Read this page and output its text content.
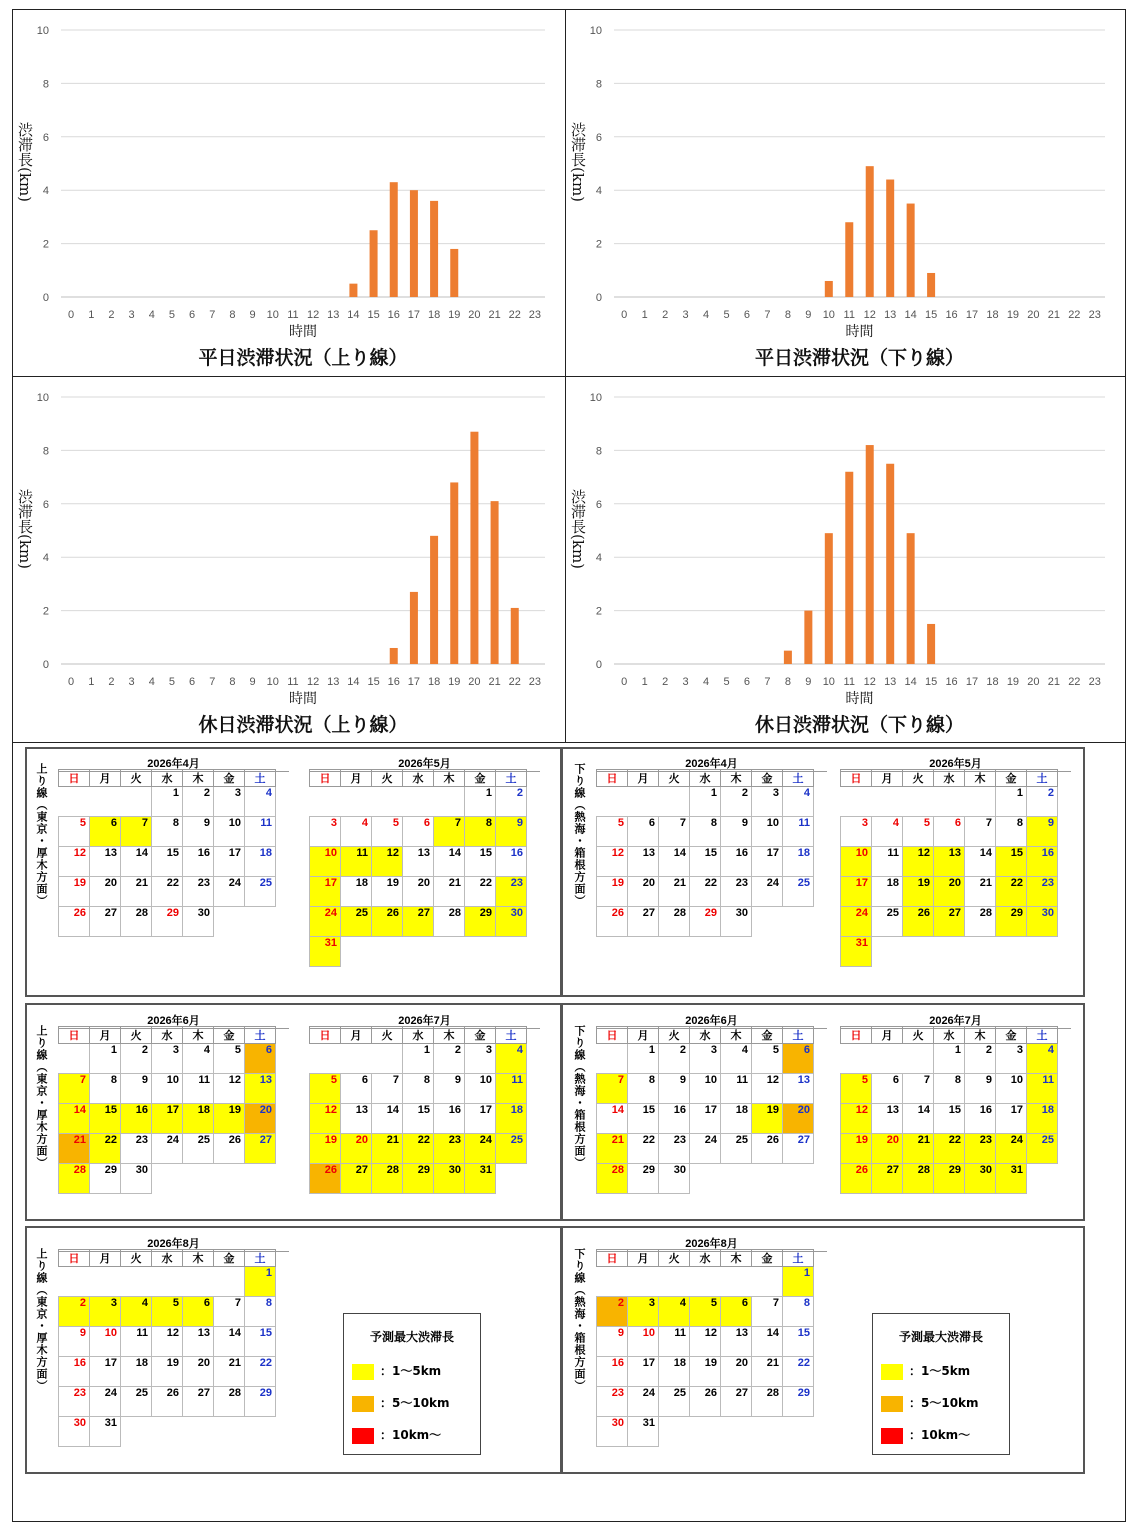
0
2
4
6
8
10
0 1 2 3 4 5 6 7 8 9 10 11 12 13 14 15 16 17 18 19 20 21 22 23
時間
渋滞長(km)
平日渋滞状況（上り線）
0
2
4
6
8
10
0 1 2 3 4 5 6 7 8 9 10 11 12 13 14 15 16 17 18 19 20 21 22 23
時間
渋滞長(km)
平日渋滞状況（下り線）
0
2
4
6
8
10
0 1 2 3 4 5 6 7 8 9 10 11 12 13 14 15 16 17 18 19 20 21 22 23
時間
渋滞長(km)
休日渋滞状況（上り線）
0
2
4
6
8
10
0 1 2 3 4 5 6 7 8 9 10 11 12 13 14 15 16 17 18 19 20 21 22 23
時間
渋滞長(km)
休日渋滞状況（下り線）
上り線（東京・厚木方面）	下り線（熱海・箱根方面）
上り線（東京・厚木方面）	下り線（熱海・箱根方面）
上り線（東京・厚木方面）	下り線（熱海・箱根方面）
予測最大渋滞長
：1～5km
：5～10km
：10km～
予測最大渋滞長
：1～5km
：5～10km
：10km～
2026年4月
日	月	火	水	木	金	土
			1	2	3	4
5	6	7	8	9	10	11
12	13	14	15	16	17	18
19	20	21	22	23	24	25
26	27	28	29	30		
2026年5月
日	月	火	水	木	金	土
					1	2
3	4	5	6	7	8	9
10	11	12	13	14	15	16
17	18	19	20	21	22	23
24	25	26	27	28	29	30
31						
2026年6月
日	月	火	水	木	金	土
	1	2	3	4	5	6
7	8	9	10	11	12	13
14	15	16	17	18	19	20
21	22	23	24	25	26	27
28	29	30				
2026年7月
日	月	火	水	木	金	土
			1	2	3	4
5	6	7	8	9	10	11
12	13	14	15	16	17	18
19	20	21	22	23	24	25
26	27	28	29	30	31	
2026年8月
日	月	火	水	木	金	土
						1
2	3	4	5	6	7	8
9	10	11	12	13	14	15
16	17	18	19	20	21	22
23	24	25	26	27	28	29
30	31					
2026年4月
日	月	火	水	木	金	土
			1	2	3	4
5	6	7	8	9	10	11
12	13	14	15	16	17	18
19	20	21	22	23	24	25
26	27	28	29	30		
2026年5月
日	月	火	水	木	金	土
					1	2
3	4	5	6	7	8	9
10	11	12	13	14	15	16
17	18	19	20	21	22	23
24	25	26	27	28	29	30
31						
2026年6月
日	月	火	水	木	金	土
	1	2	3	4	5	6
7	8	9	10	11	12	13
14	15	16	17	18	19	20
21	22	23	24	25	26	27
28	29	30				
2026年7月
日	月	火	水	木	金	土
			1	2	3	4
5	6	7	8	9	10	11
12	13	14	15	16	17	18
19	20	21	22	23	24	25
26	27	28	29	30	31	
2026年8月
日	月	火	水	木	金	土
						1
2	3	4	5	6	7	8
9	10	11	12	13	14	15
16	17	18	19	20	21	22
23	24	25	26	27	28	29
30	31					
